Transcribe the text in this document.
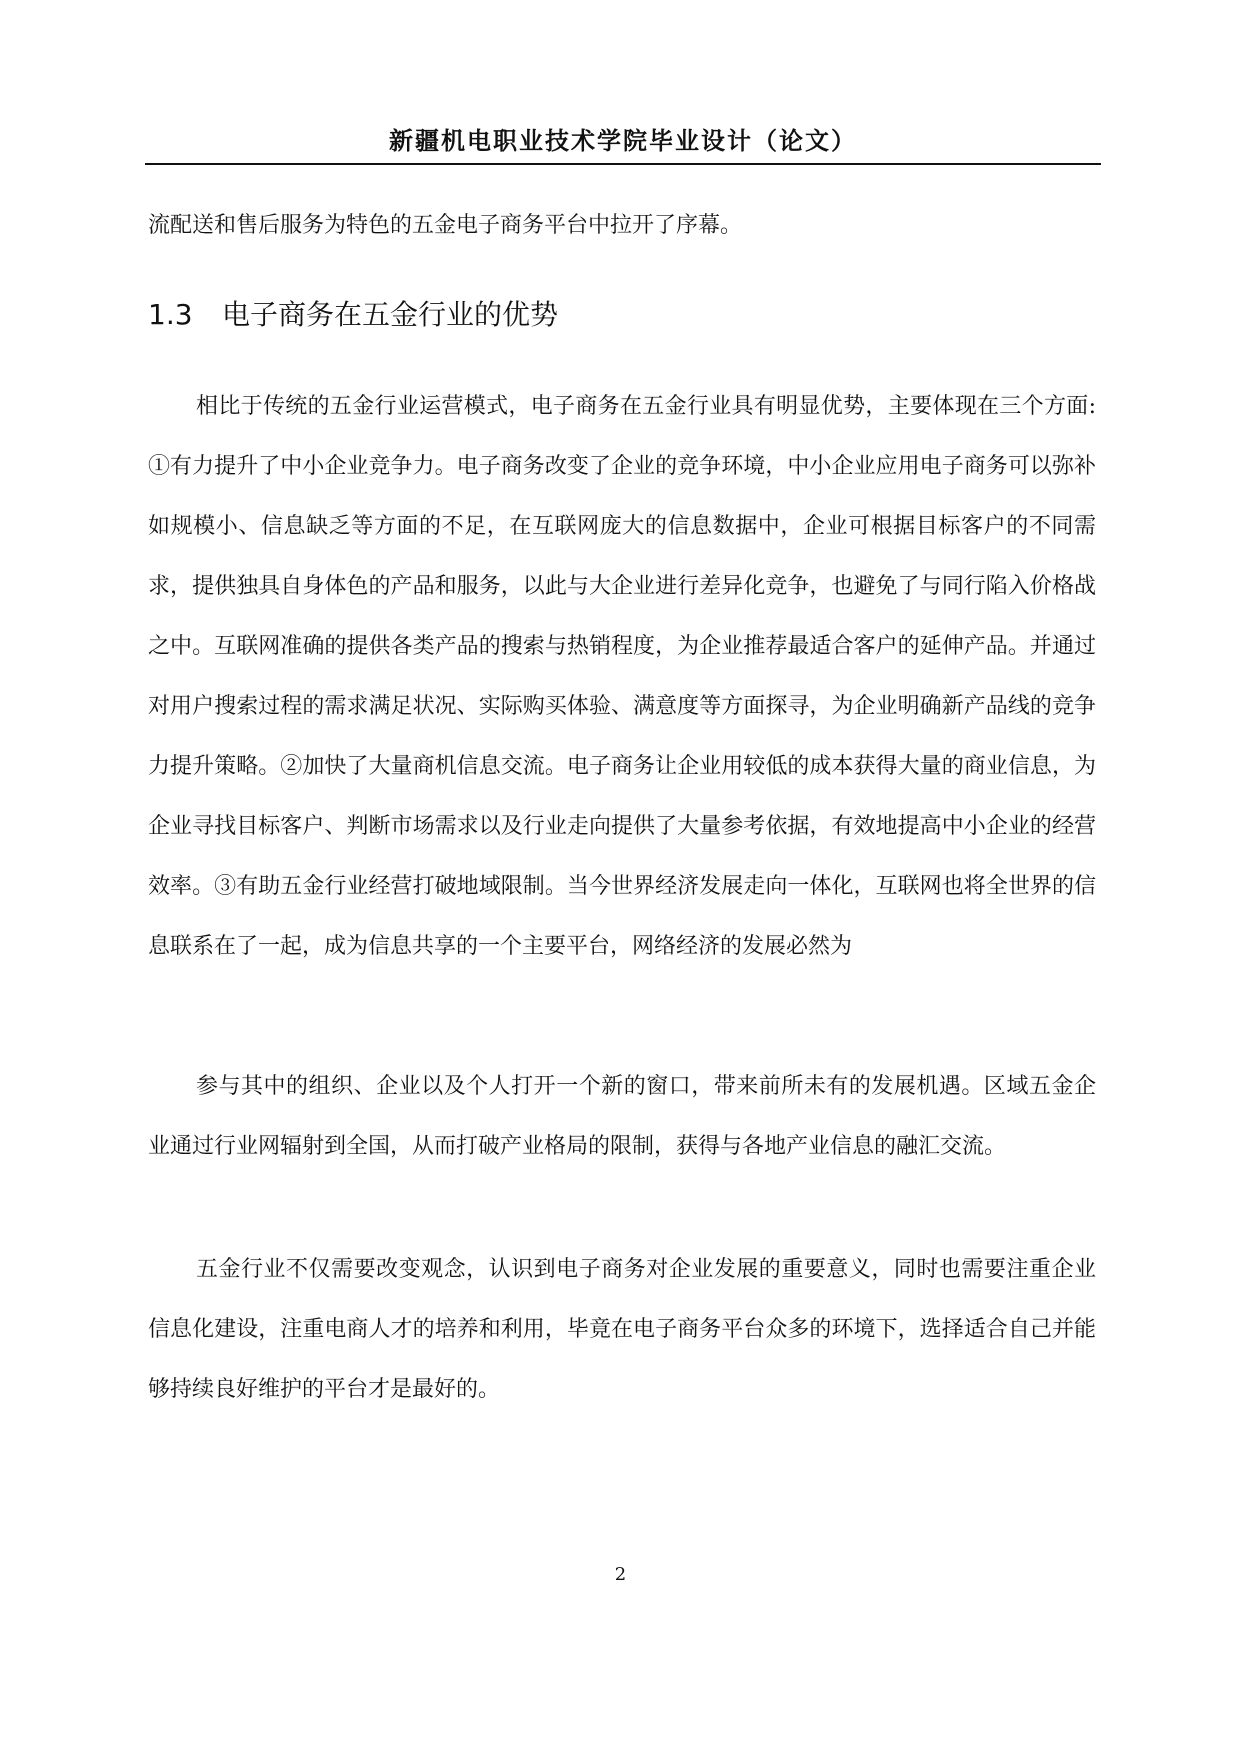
新疆机电职业技术学院毕业设计（论文）

流配送和售后服务为特色的五金电子商务平台中拉开了序幕。

1.3 电子商务在五金行业的优势

相比于传统的五金行业运营模式，电子商务在五金行业具有明显优势，主要体现在三个方面: ①有力提升了中小企业竞争力。电子商务改变了企业的竞争环境，中小企业应用电子商务可以弥补如规模小、信息缺乏等方面的不足，在互联网庞大的信息数据中，企业可根据目标客户的不同需求，提供独具自身体色的产品和服务，以此与大企业进行差异化竞争，也避免了与同行陷入价格战之中。互联网准确的提供各类产品的搜索与热销程度，为企业推荐最适合客户的延伸产品。并通过对用户搜索过程的需求满足状况、实际购买体验、满意度等方面探寻，为企业明确新产品线的竞争力提升策略。②加快了大量商机信息交流。电子商务让企业用较低的成本获得大量的商业信息，为企业寻找目标客户、判断市场需求以及行业走向提供了大量参考依据，有效地提高中小企业的经营效率。③有助五金行业经营打破地域限制。当今世界经济发展走向一体化，互联网也将全世界的信息联系在了一起，成为信息共享的一个主要平台，网络经济的发展必然为

参与其中的组织、企业以及个人打开一个新的窗口，带来前所未有的发展机遇。区域五金企业通过行业网辐射到全国，从而打破产业格局的限制，获得与各地产业信息的融汇交流。

五金行业不仅需要改变观念，认识到电子商务对企业发展的重要意义，同时也需要注重企业信息化建设，注重电商人才的培养和利用，毕竟在电子商务平台众多的环境下，选择适合自己并能够持续良好维护的平台才是最好的。

2
